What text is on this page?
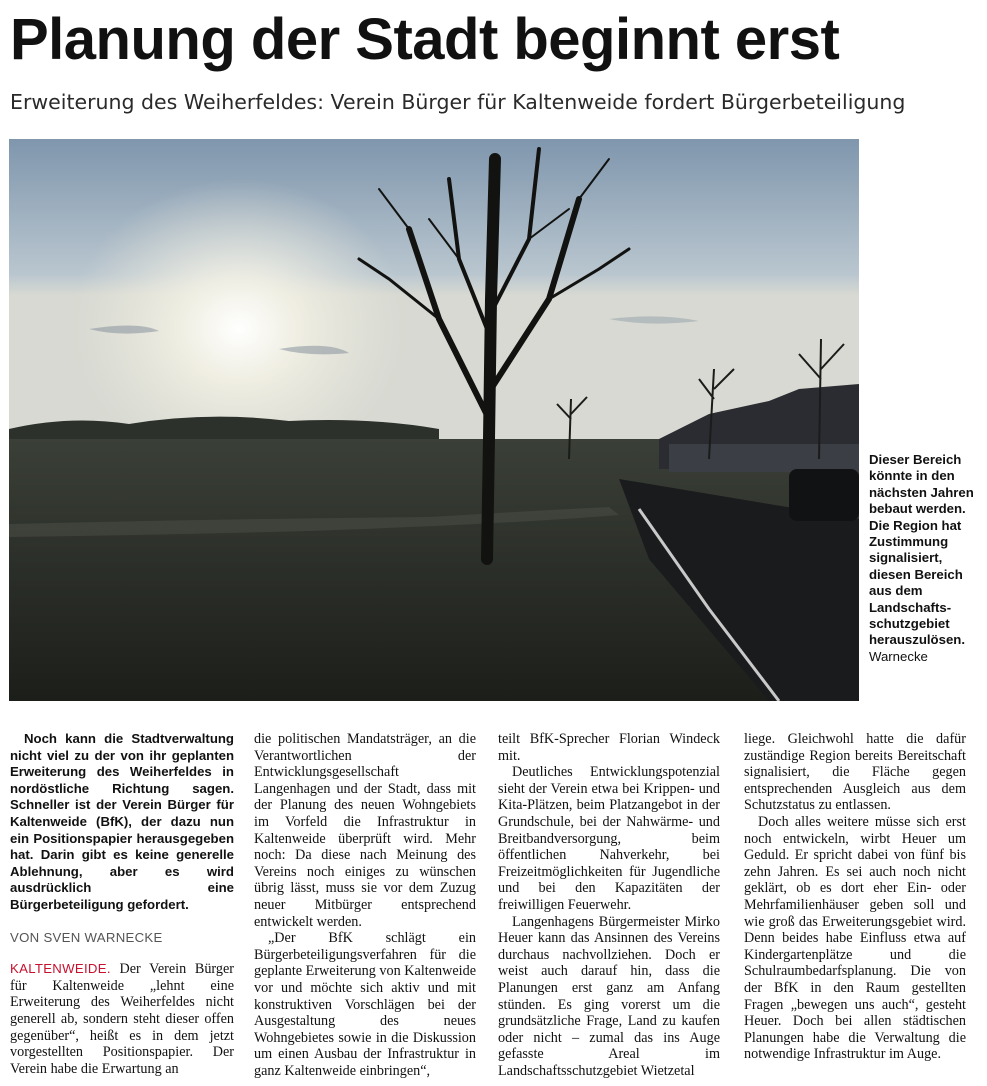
Planung der Stadt beginnt erst
Erweiterung des Weiherfeldes: Verein Bürger für Kaltenweide fordert Bürgerbeteiligung
Dieser Bereich könnte in den nächsten Jahren bebaut werden. Die Region hat Zustimmung signalisiert, diesen Bereich aus dem Landschaftsschutzgebiet herauszulösen. Warnecke

Noch kann die Stadtverwaltung nicht viel zu der von ihr geplanten Erweiterung des Weiherfeldes in nordöstliche Richtung sagen. Schneller ist der Verein Bürger für Kaltenweide (BfK), der dazu nun ein Positionspapier herausgegeben hat. Darin gibt es keine generelle Ablehnung, aber es wird ausdrücklich eine Bürgerbeteiligung gefordert.

VON SVEN WARNECKE

KALTENWEIDE. Der Verein Bürger für Kaltenweide „lehnt eine Erweiterung des Weiherfeldes nicht generell ab, sondern steht dieser offen gegenüber“, heißt es in dem jetzt vorgestellten Positionspapier. Der Verein habe die Erwartung an

die politischen Mandatsträger, an die Verantwortlichen der Entwicklungsgesellschaft Langenhagen und der Stadt, dass mit der Planung des neuen Wohngebiets im Vorfeld die Infrastruktur in Kaltenweide überprüft wird. Mehr noch: Da diese nach Meinung des Vereins noch einiges zu wünschen übrig lässt, muss sie vor dem Zuzug neuer Mitbürger entsprechend entwickelt werden.

„Der BfK schlägt ein Bürgerbeteiligungsverfahren für die geplante Erweiterung von Kaltenweide vor und möchte sich aktiv und mit konstruktiven Vorschlägen bei der Ausgestaltung des neues Wohngebietes sowie in die Diskussion um einen Ausbau der Infrastruktur in ganz Kaltenweide einbringen“,

teilt BfK-Sprecher Florian Windeck mit.

Deutliches Entwicklungspotenzial sieht der Verein etwa bei Krippen- und Kita-Plätzen, beim Platzangebot in der Grundschule, bei der Nahwärme- und Breitbandversorgung, beim öffentlichen Nahverkehr, bei Freizeitmöglichkeiten für Jugendliche und bei den Kapazitäten der freiwilligen Feuerwehr.

Langenhagens Bürgermeister Mirko Heuer kann das Ansinnen des Vereins durchaus nachvollziehen. Doch er weist auch darauf hin, dass die Planungen erst ganz am Anfang stünden. Es ging vorerst um die grundsätzliche Frage, Land zu kaufen oder nicht – zumal das ins Auge gefasste Areal im Landschaftsschutzgebiet Wietzetal

liege. Gleichwohl hatte die dafür zuständige Region bereits Bereitschaft signalisiert, die Fläche gegen entsprechenden Ausgleich aus dem Schutzstatus zu entlassen.

Doch alles weitere müsse sich erst noch entwickeln, wirbt Heuer um Geduld. Er spricht dabei von fünf bis zehn Jahren. Es sei auch noch nicht geklärt, ob es dort eher Ein- oder Mehrfamilienhäuser geben soll und wie groß das Erweiterungsgebiet wird. Denn beides habe Einfluss etwa auf Kindergartenplätze und die Schulraumbedarfsplanung. Die von der BfK in den Raum gestellten Fragen „bewegen uns auch“, gesteht Heuer. Doch bei allen städtischen Planungen habe die Verwaltung die notwendige Infrastruktur im Auge.
